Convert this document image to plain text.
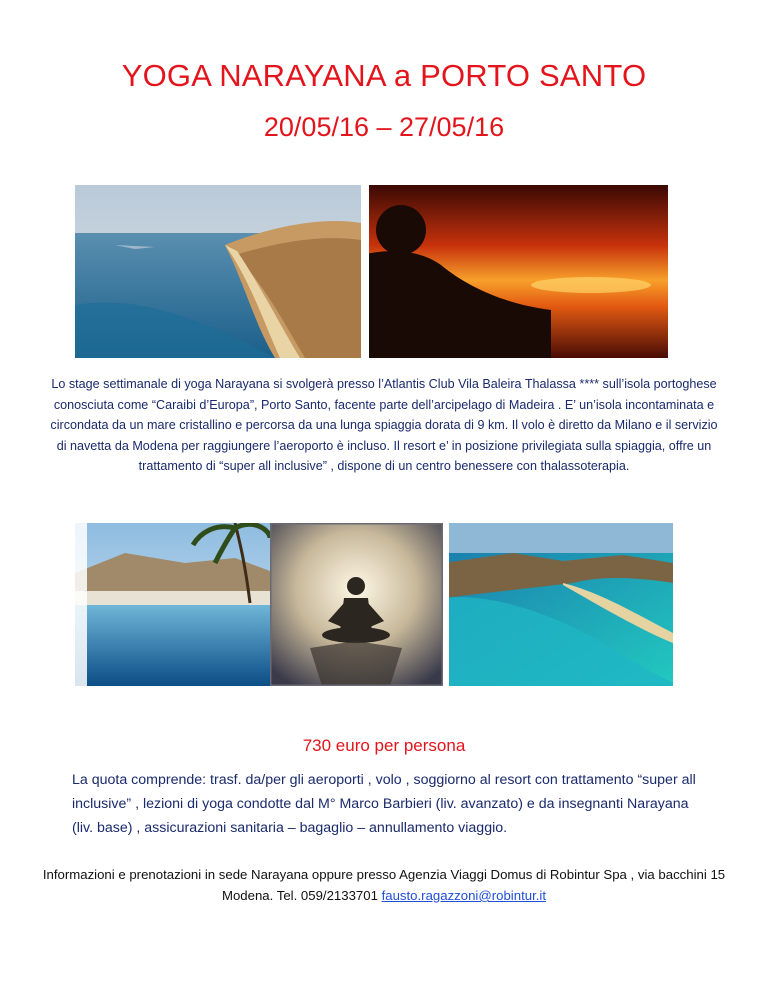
YOGA NARAYANA a PORTO SANTO
20/05/16 – 27/05/16
Lo stage settimanale di yoga Narayana si svolgerà presso l’Atlantis Club Vila Baleira Thalassa **** sull’isola portoghese conosciuta come “Caraibi d’Europa”, Porto Santo, facente parte dell’arcipelago di Madeira . E’ un’isola incontaminata e circondata da un mare cristallino e percorsa da una lunga spiaggia dorata di 9 km. Il volo è diretto da Milano e il servizio di navetta da Modena per raggiungere l’aeroporto è incluso. Il resort e’ in posizione privilegiata sulla spiaggia, offre un trattamento di “super all inclusive” , dispone di un centro benessere con thalassoterapia.
730 euro per persona
La quota comprende: trasf. da/per gli aeroporti , volo , soggiorno al resort con trattamento “super all inclusive” , lezioni di yoga condotte dal M° Marco Barbieri (liv. avanzato) e da insegnanti Narayana (liv. base) , assicurazioni sanitaria – bagaglio – annullamento viaggio.
Informazioni e prenotazioni in sede Narayana oppure presso Agenzia Viaggi Domus di Robintur Spa , via bacchini 15 Modena. Tel. 059/2133701 fausto.ragazzoni@robintur.it
